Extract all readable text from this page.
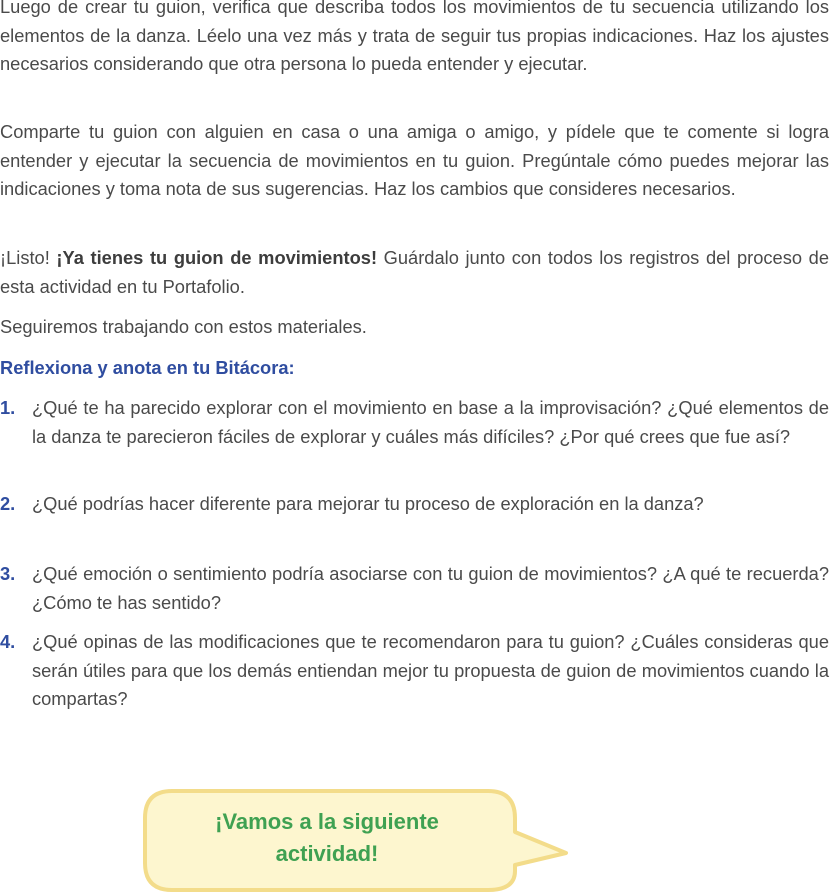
Luego de crear tu guion, verifica que describa todos los movimientos de tu secuencia utilizando los elementos de la danza. Léelo una vez más y trata de seguir tus propias indicaciones. Haz los ajustes necesarios considerando que otra persona lo pueda entender y ejecutar.

Comparte tu guion con alguien en casa o una amiga o amigo, y pídele que te comente si logra entender y ejecutar la secuencia de movimientos en tu guion. Pregúntale cómo puedes mejorar las indicaciones y toma nota de sus sugerencias. Haz los cambios que consideres necesarios.

¡Listo! ¡Ya tienes tu guion de movimientos! Guárdalo junto con todos los registros del proceso de esta actividad en tu Portafolio.

Seguiremos trabajando con estos materiales.

Reflexiona y anota en tu Bitácora:

1. ¿Qué te ha parecido explorar con el movimiento en base a la improvisación? ¿Qué elementos de la danza te parecieron fáciles de explorar y cuáles más difíciles? ¿Por qué crees que fue así?

2. ¿Qué podrías hacer diferente para mejorar tu proceso de exploración en la danza?

3. ¿Qué emoción o sentimiento podría asociarse con tu guion de movimientos? ¿A qué te recuerda? ¿Cómo te has sentido?

4. ¿Qué opinas de las modificaciones que te recomendaron para tu guion? ¿Cuáles consideras que serán útiles para que los demás entiendan mejor tu propuesta de guion de movimientos cuando la compartas?

¡Vamos a la siguiente
actividad!
